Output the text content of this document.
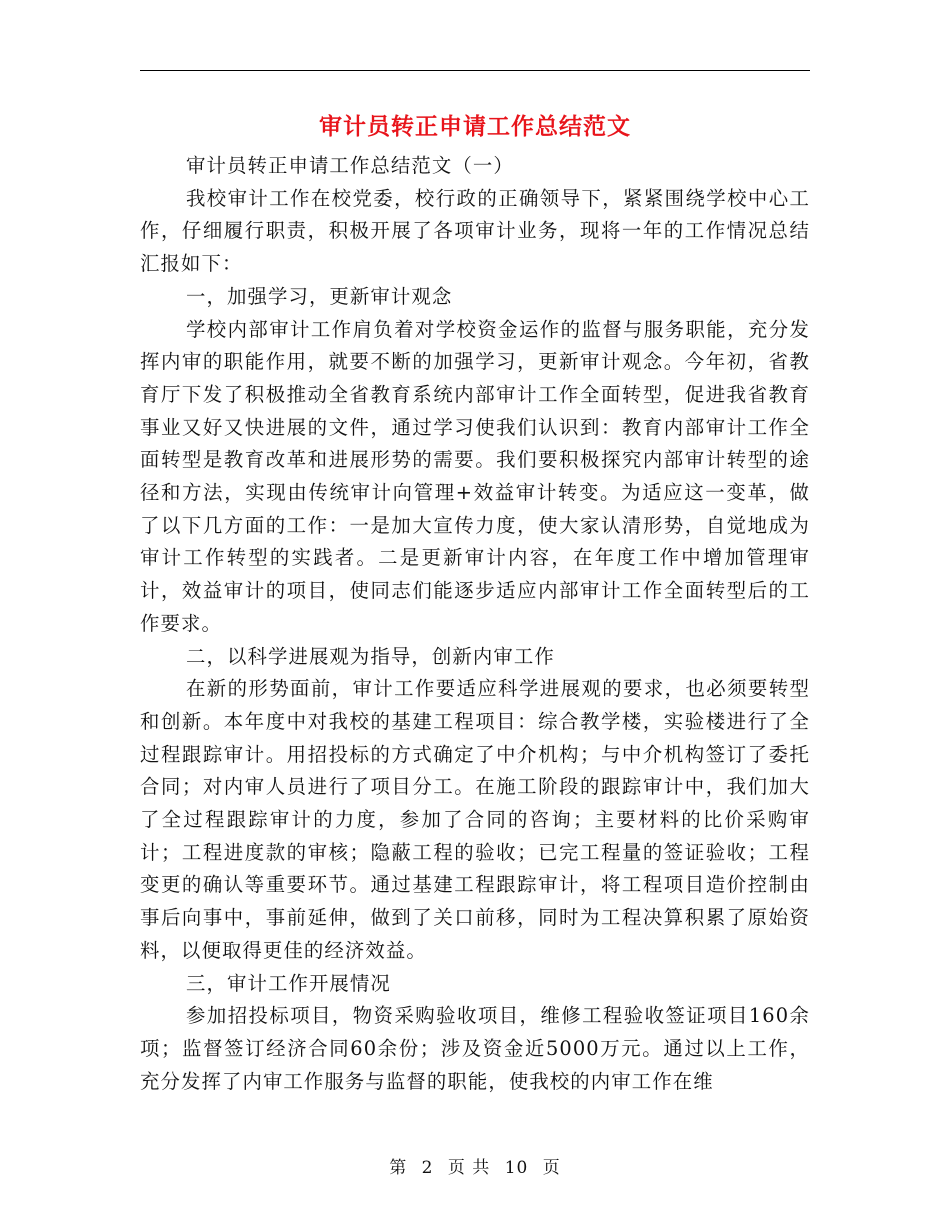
审计员转正申请工作总结范文

审计员转正申请工作总结范文（一）

我校审计工作在校党委，校行政的正确领导下，紧紧围绕学校中心工作，仔细履行职责，积极开展了各项审计业务，现将一年的工作情况总结汇报如下：

一，加强学习，更新审计观念

学校内部审计工作肩负着对学校资金运作的监督与服务职能，充分发挥内审的职能作用，就要不断的加强学习，更新审计观念。今年初，省教育厅下发了积极推动全省教育系统内部审计工作全面转型，促进我省教育事业又好又快进展的文件，通过学习使我们认识到：教育内部审计工作全面转型是教育改革和进展形势的需要。我们要积极探究内部审计转型的途径和方法，实现由传统审计向管理+效益审计转变。为适应这一变革，做了以下几方面的工作：一是加大宣传力度，使大家认清形势，自觉地成为审计工作转型的实践者。二是更新审计内容，在年度工作中增加管理审计，效益审计的项目，使同志们能逐步适应内部审计工作全面转型后的工作要求。

二，以科学进展观为指导，创新内审工作

在新的形势面前，审计工作要适应科学进展观的要求，也必须要转型和创新。本年度中对我校的基建工程项目：综合教学楼，实验楼进行了全过程跟踪审计。用招投标的方式确定了中介机构；与中介机构签订了委托合同；对内审人员进行了项目分工。在施工阶段的跟踪审计中，我们加大了全过程跟踪审计的力度，参加了合同的咨询；主要材料的比价采购审计；工程进度款的审核；隐蔽工程的验收；已完工程量的签证验收；工程变更的确认等重要环节。通过基建工程跟踪审计，将工程项目造价控制由事后向事中，事前延伸，做到了关口前移，同时为工程决算积累了原始资料，以便取得更佳的经济效益。

三，审计工作开展情况

参加招投标项目，物资采购验收项目，维修工程验收签证项目160余项；监督签订经济合同60余份；涉及资金近5000万元。通过以上工作，充分发挥了内审工作服务与监督的职能，使我校的内审工作在维

第 2 页 共 10 页
